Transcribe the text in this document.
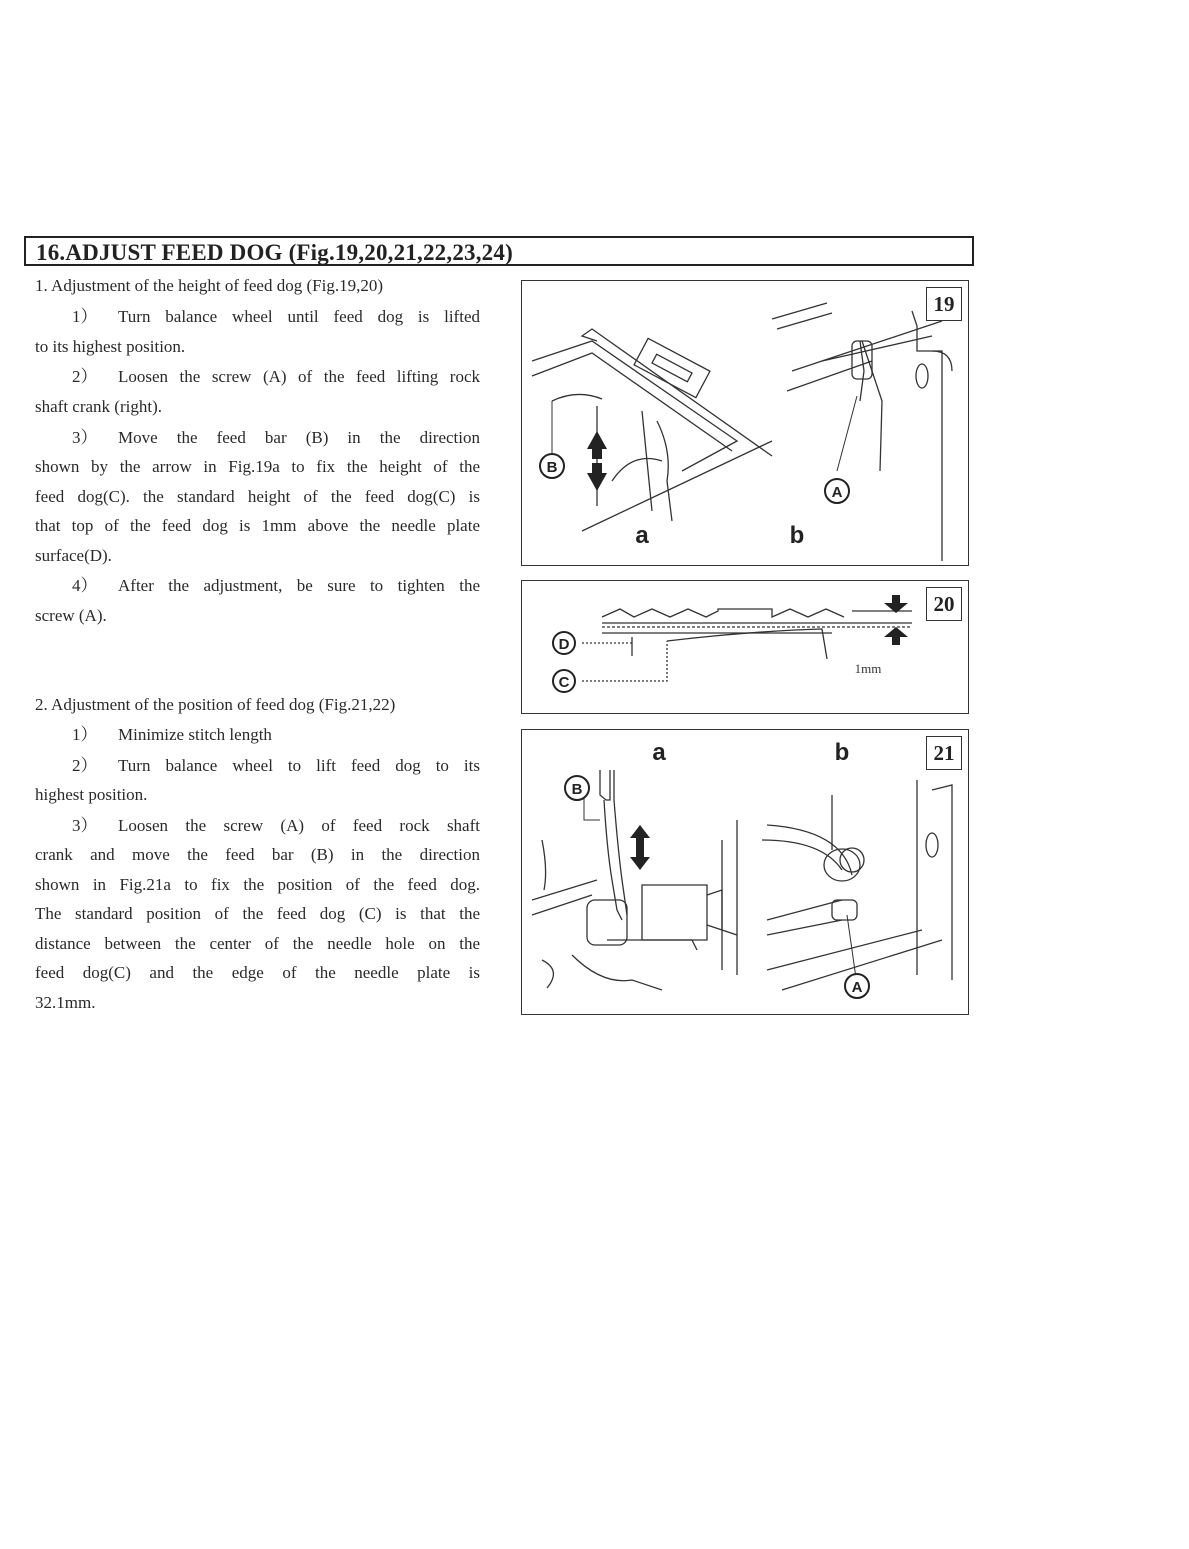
16.ADJUST FEED DOG (Fig.19,20,21,22,23,24)
1. Adjustment of the height of feed dog (Fig.19,20)
1） Turn balance wheel until feed dog is lifted
to its highest position.
2） Loosen the screw (A) of the feed lifting rock
shaft crank (right).
3） Move the feed bar (B) in the direction
shown by the arrow in Fig.19a to fix the height of the
feed dog(C). the standard height of the feed dog(C) is
that top of the feed dog is 1mm above the needle plate
surface(D).
4） After the adjustment, be sure to tighten the
screw (A).
2. Adjustment of the position of feed dog (Fig.21,22)
1） Minimize stitch length
2） Turn balance wheel to lift feed dog to its
highest position.
3） Loosen the screw (A) of feed rock shaft
crank and move the feed bar (B) in the direction
shown in Fig.21a to fix the position of the feed dog.
The standard position of the feed dog (C) is that the
distance between the center of the needle hole on the
feed dog(C) and the edge of the needle plate is
32.1mm.
B
A
a	b
19
D
C
1mm
20
B
A
a	b	21
